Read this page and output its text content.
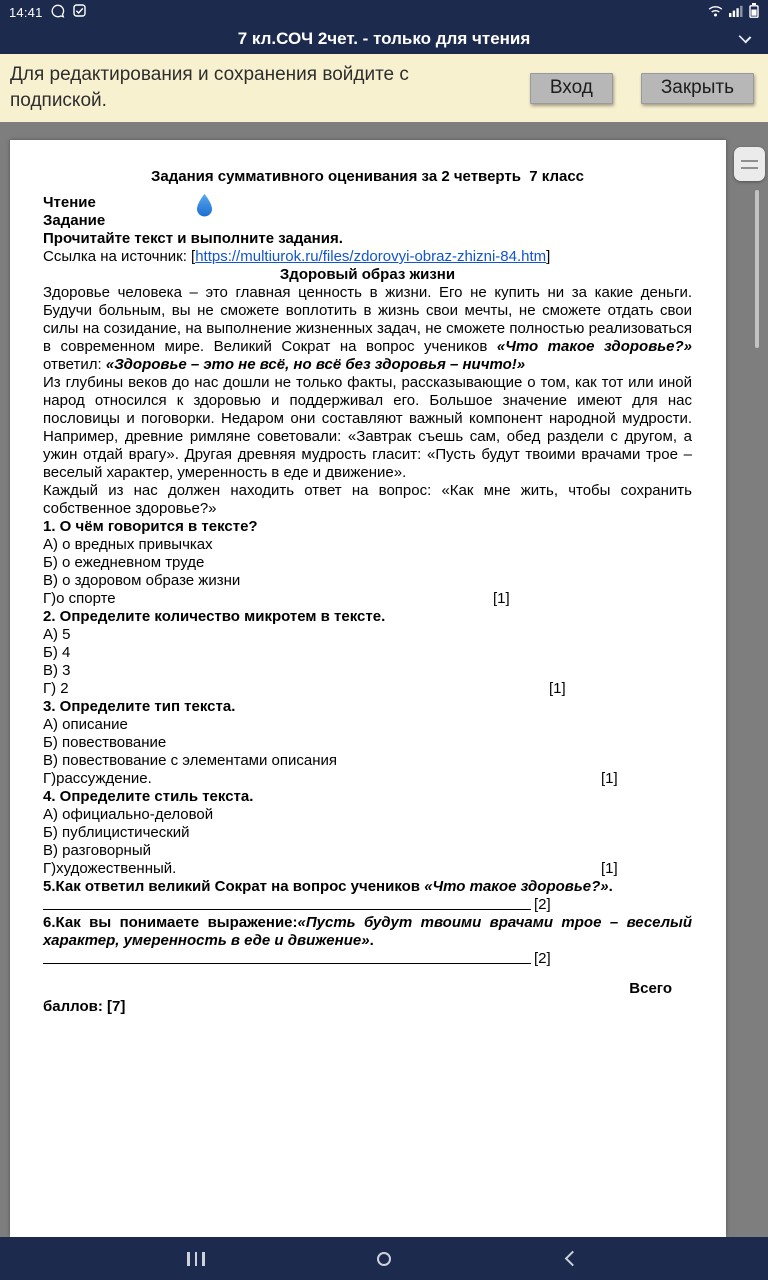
14:41
7 кл.СОЧ 2чет. - только для чтения
Для редактирования и сохранения войдите с подпиской.
Вход	Закрыть
Задания суммативного оценивания за 2 четверть  7 класс
Чтение
Задание
Прочитайте текст и выполните задания.
Ссылка на источник: [https://multiurok.ru/files/zdorovyi-obraz-zhizni-84.htm]
Здоровый образ жизни

Здоровье человека – это главная ценность в жизни. Его не купить ни за какие деньги. Будучи больным, вы не сможете воплотить в жизнь свои мечты, не сможете отдать свои силы на созидание, на выполнение жизненных задач, не сможете полностью реализоваться в современном мире. Великий Сократ на вопрос учеников «Что такое здоровье?» ответил: «Здоровье – это не всё, но всё без здоровья – ничто!»

Из глубины веков до нас дошли не только факты, рассказывающие о том, как тот или иной народ относился к здоровью и поддерживал его. Большое значение имеют для нас пословицы и поговорки. Недаром они составляют важный компонент народной мудрости. Например, древние римляне советовали: «Завтрак съешь сам, обед раздели с другом, а ужин отдай врагу». Другая древняя мудрость гласит: «Пусть будут твоими врачами трое – веселый характер, умеренность в еде и движение».

Каждый из нас должен находить ответ на вопрос: «Как мне жить, чтобы сохранить собственное здоровье?»

1. О чём говорится в тексте?
А) о вредных привычках
Б) о ежедневном труде
В) о здоровом образе жизни
Г)о спорте	[1]
2. Определите количество микротем в тексте.
А) 5
Б) 4
В) 3
Г) 2	[1]
3. Определите тип текста.
А) описание
Б) повествование
В) повествование с элементами описания
Г)рассуждение.	[1]
4. Определите стиль текста.
А) официально-деловой
Б) публицистический
В) разговорный
Г)художественный.	[1]
5.Как ответил великий Сократ на вопрос учеников «Что такое здоровье?».
[2]
6.Как вы понимаете выражение:«Пусть будут твоими врачами трое – веселый характер, умеренность в еде и движение».
[2]
Всего
баллов: [7]
